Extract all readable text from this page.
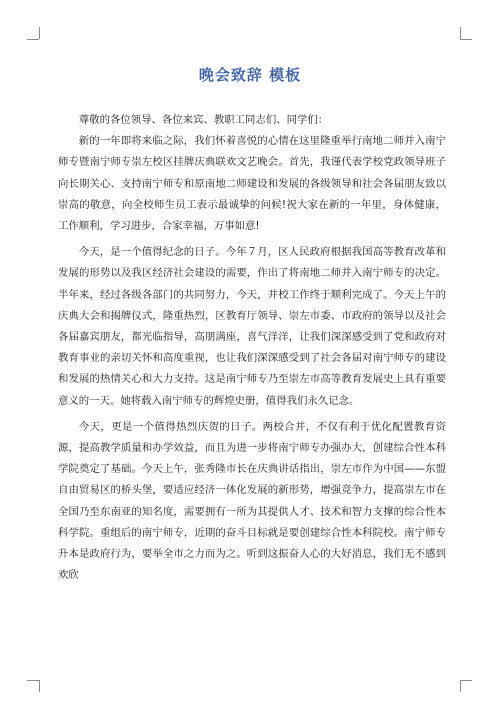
晚会致辞 模板

尊敬的各位领导、各位来宾、教职工同志们、同学们：

新的一年即将来临之际，我们怀着喜悦的心情在这里隆重举行南地二师并入南宁师专暨南宁师专崇左校区挂牌庆典联欢文艺晚会。首先，我谨代表学校党政领导班子向长期关心、支持南宁师专和原南地二师建设和发展的各级领导和社会各届朋友致以崇高的敬意，向全校师生员工表示最诚挚的问候!祝大家在新的一年里，身体健康，工作顺利，学习进步，合家幸福，万事如意!

今天，是一个值得纪念的日子。今年７月，区人民政府根据我国高等教育改革和发展的形势以及我区经济社会建设的需要，作出了将南地二师并入南宁师专的决定。半年来，经过各级各部门的共同努力，今天，并校工作终于顺利完成了。今天上午的庆典大会和揭牌仪式，隆重热烈，区教育厅领导、崇左市委、市政府的领导以及社会各届嘉宾朋友，都光临指导，高朋满座，喜气洋洋，让我们深深感受到了党和政府对教育事业的亲切关怀和高度重视，也让我们深深感受到了社会各届对南宁师专的建设和发展的热情关心和大力支持。这是南宁师专乃至崇左市高等教育发展史上具有重要意义的一天。她将载入南宁师专的辉煌史册，值得我们永久记念。

今天，更是一个值得热烈庆贺的日子。两校合并，不仅有利于优化配置教育资源，提高教学质量和办学效益，而且为进一步将南宁师专办强办大，创建综合性本科学院奠定了基础。今天上午，张秀隆市长在庆典讲话指出，崇左市作为中国——东盟自由贸易区的桥头堡，要适应经济一体化发展的新形势，增强竞争力，提高崇左市在全国乃至东南亚的知名度，需要拥有一所为其提供人才、技术和智力支撑的综合性本科学院。重组后的南宁师专，近期的奋斗目标就是要创建综合性本科院校。南宁师专升本是政府行为，要举全市之力而为之。听到这振奋人心的大好消息，我们无不感到欢欣
